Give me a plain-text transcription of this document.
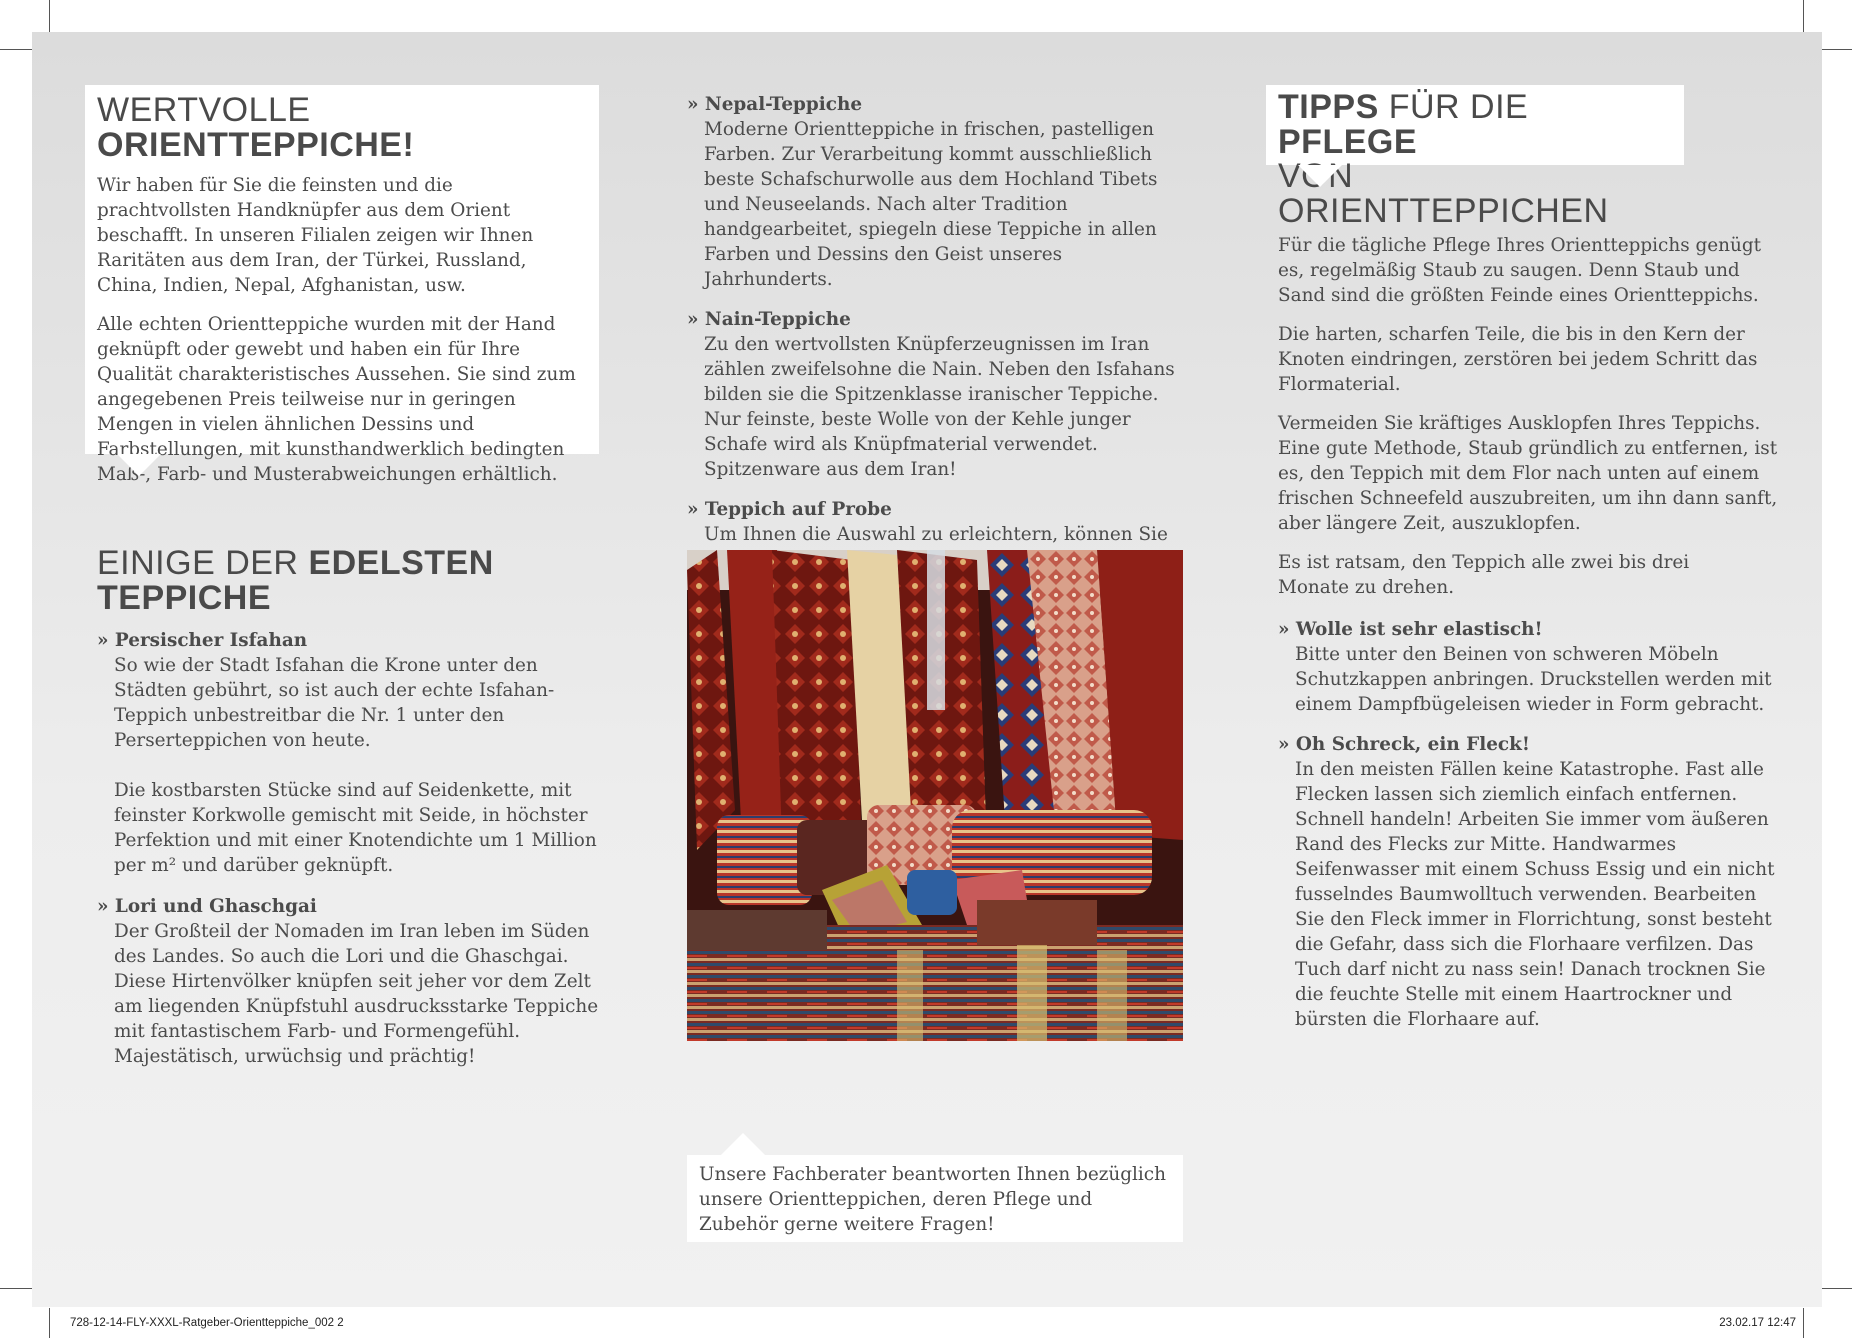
WERTVOLLE
ORIENTTEPPICHE!

Wir haben für Sie die feinsten und die prachtvollsten Handknüpfer aus dem Orient beschafft. In unseren Filialen zeigen wir Ihnen Raritäten aus dem Iran, der Türkei, Russland, China, Indien, Nepal, Afghanistan, usw.

Alle echten Orientteppiche wurden mit der Hand geknüpft oder gewebt und haben ein für Ihre Qualität charakteristisches Aussehen. Sie sind zum angegebenen Preis teilweise nur in geringen Mengen in vielen ähnlichen Dessins und Farbstellungen, mit kunsthandwerklich bedingten Maß-, Farb- und Musterabweichungen erhältlich.

EINIGE DER EDELSTEN
TEPPICHE
» Persischer Isfahan

So wie der Stadt Isfahan die Krone unter den Städten gebührt, so ist auch der echte Isfahan-Teppich unbestreitbar die Nr. 1 unter den Perserteppichen von heute.

Die kostbarsten Stücke sind auf Seidenkette, mit feinster Korkwolle gemischt mit Seide, in höchster Perfektion und mit einer Knotendichte um 1 Million per m² und darüber geknüpft.

» Lori und Ghaschgai

Der Großteil der Nomaden im Iran leben im Süden des Landes. So auch die Lori und die Ghaschgai. Diese Hirtenvölker knüpfen seit jeher vor dem Zelt am liegenden Knüpfstuhl ausdrucksstarke Teppiche mit fantastischem Farb- und Formengefühl. Majestätisch, urwüchsig und prächtig!

» Nepal-Teppiche
Moderne Orientteppiche in frischen, pastelligen Farben. Zur Verarbeitung kommt ausschließlich beste Schafschurwolle aus dem Hochland Tibets und Neuseelands. Nach alter Tradition handgearbeitet, spiegeln diese Teppiche in allen Farben und Dessins den Geist unseres Jahrhunderts.
» Nain-Teppiche
Zu den wertvollsten Knüpferzeugnissen im Iran zählen zweifelsohne die Nain. Neben den Isfahans bilden sie die Spitzenklasse iranischer Teppiche. Nur feinste, beste Wolle von der Kehle junger Schafe wird als Knüpfmaterial verwendet. Spitzenware aus dem Iran!
» Teppich auf Probe
Um Ihnen die Auswahl zu erleichtern, können Sie
Unsere Fachberater beantworten Ihnen bezüglich unsere Orientteppichen, deren Pflege und Zubehör gerne weitere Fragen!
TIPPS FÜR DIE PFLEGE
VON ORIENTTEPPICHEN

Für die tägliche Pflege Ihres Orientteppichs genügt es, regelmäßig Staub zu saugen. Denn Staub und Sand sind die größten Feinde eines Orientteppichs.

Die harten, scharfen Teile, die bis in den Kern der Knoten eindringen, zerstören bei jedem Schritt das Flormaterial.

Vermeiden Sie kräftiges Ausklopfen Ihres Teppichs. Eine gute Methode, Staub gründlich zu entfernen, ist es, den Teppich mit dem Flor nach unten auf einem frischen Schneefeld auszubreiten, um ihn dann sanft, aber längere Zeit, auszuklopfen.

Es ist ratsam, den Teppich alle zwei bis drei Monate zu drehen.

» Wolle ist sehr elastisch!
Bitte unter den Beinen von schweren Möbeln Schutzkappen anbringen. Druckstellen werden mit einem Dampfbügeleisen wieder in Form gebracht.
» Oh Schreck, ein Fleck!
In den meisten Fällen keine Katastrophe. Fast alle Flecken lassen sich ziemlich einfach entfernen. Schnell handeln! Arbeiten Sie immer vom äußeren Rand des Flecks zur Mitte. Handwarmes Seifenwasser mit einem Schuss Essig und ein nicht fusselndes Baumwolltuch verwenden. Bearbeiten Sie den Fleck immer in Florrichtung, sonst besteht die Gefahr, dass sich die Florhaare verfilzen. Das Tuch darf nicht zu nass sein! Danach trocknen Sie die feuchte Stelle mit einem Haartrockner und bürsten die Florhaare auf.
728-12-14-FLY-XXXL-Ratgeber-Orientteppiche_002 2	23.02.17 12:47
